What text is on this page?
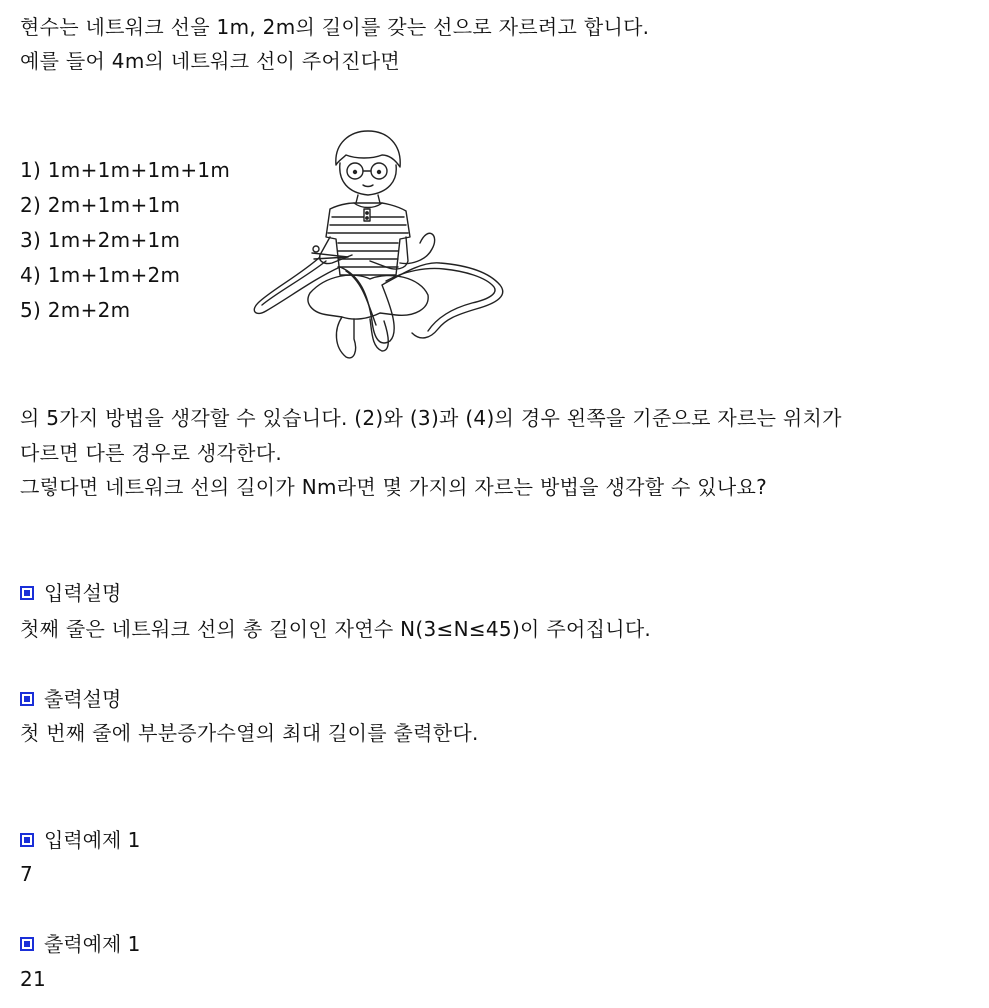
현수는 네트워크 선을 1m, 2m의 길이를 갖는 선으로 자르려고 합니다.
예를 들어 4m의 네트워크 선이 주어진다면
1) 1m+1m+1m+1m
2) 2m+1m+1m
3) 1m+2m+1m
4) 1m+1m+2m
5) 2m+2m
의 5가지 방법을 생각할 수 있습니다. (2)와 (3)과 (4)의 경우 왼쪽을 기준으로 자르는 위치가
다르면 다른 경우로 생각한다.
그렇다면 네트워크 선의 길이가 Nm라면 몇 가지의 자르는 방법을 생각할 수 있나요?
입력설명
첫째 줄은 네트워크 선의 총 길이인 자연수 N(3≤N≤45)이 주어집니다.
출력설명
첫 번째 줄에 부분증가수열의 최대 길이를 출력한다.
입력예제 1
7
출력예제 1
21
